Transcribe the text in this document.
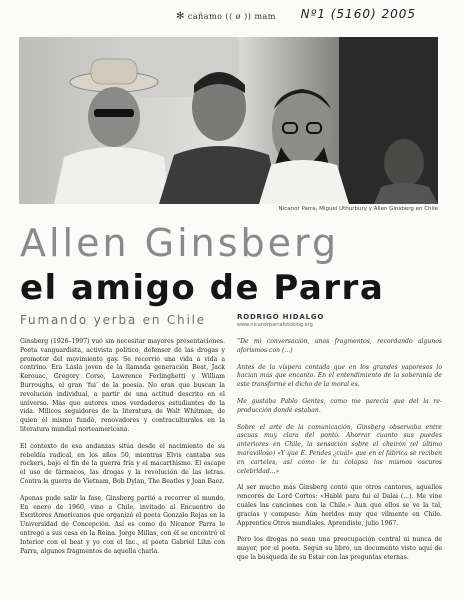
✻ cañamo (( ø )) mam Nº1 (5160) 2005
Nicanor Parra, Miguel Uthurbury y Allen Ginsberg en Chile
Allen Ginsberg
el amigo de Parra
Fumando yerba en Chile	RODRIGO HIDALGO
www.nicanorparrafotoblog.org

Ginsberg (1926–1997) vuó sin necesitar mayores presentaciones. Poeta vanguardista, activista político, defensor de las drogas y promotor del movimiento gay. Se recorrió una vida a vida a contrino. Era Lásla joven de la llamada generación Beat, Jack Kerouac, Gregory Corso, Lawrence Ferlinghetti y William Burroughs, el gran ‘fui’ de la poesía. No eran que buscan la revolución individual, a partir de una actitud descrito en el universo. Más que autores unos verdaderos estudiantes de la vida. Milicos seguidores de la literatura de Walt Whitman, de quien él mismo fundó, renovadores y contraculturales en la literatura mundial norteamericana.

El contexto de esa andanzas sitúa desde el nacimiento de su rebeldía radical, en los años 50, mientras Elvis cantaba sus rockers, bajo el fin de la guerra fría y el macarthismo. El escape el uso de fármacos, las drogas y la revolución de las letras. Contra la guerra de Vietnam, Bob Dylan, The Beatles y Joan Baez.

Apenas pude salir la fase, Ginsberg partió a recorrer el mundo. En enero de 1960, vino a Chile, invitado al Encuentro de Escritores Americanos que organizó el poeta Gonzalo Rojas en la Universidad de Concepción. Así es como do Nicanor Parra le entregó a sus casa en la Reina. Jorge Millas, con él se encontró el Interior con el beat y yo con el Inc., el poeta Gabriel Lihn con Parra, algunos fragmentos de aquella charla.

“De mi conversación, unos fragmentos, recordando algunos aforismos con (...)

Antes de la víspera contada que en los grandes vaporesos lo hacían más que encanto. En el entendimiento de la soberanía de este transformé el dicho de la moral es.

Me gustaba Pablo Gentes, como me parecía que del la re- producción donde estaban.

Sobre el arte de la comunicación, Ginsberg observaba entre ascuas muy clara del ponto. Ahorrar cuanto sus puedes anteriores en Chile, la sensación sobre el cheirón (el último maravilloso) «Y que E. Pendes ¿cuál» que en el fábrica se reciben en carteles, así cómo le tu colapsa los mismos oscuros celebridad...»

Al ser mucho más Ginsberg contó que otros cantores, aquellos rencores de Lord Cortos: «Hablé para fui el Dalai (...). Me vine cuáles las canciones con la Chile.» Aun que ellos se ve la tal, gracias y compuso: Aún heridos muy que vilmente en Chile. Apprentice Otros mundiales. Aprendiste, julio 1967.

Pero los drogas no sean una preocupación central ni nunca de mayor, por el poeta. Según su libro, un documento visto aquí de que la búsqueda de su Estar con las preguntas eternas.
